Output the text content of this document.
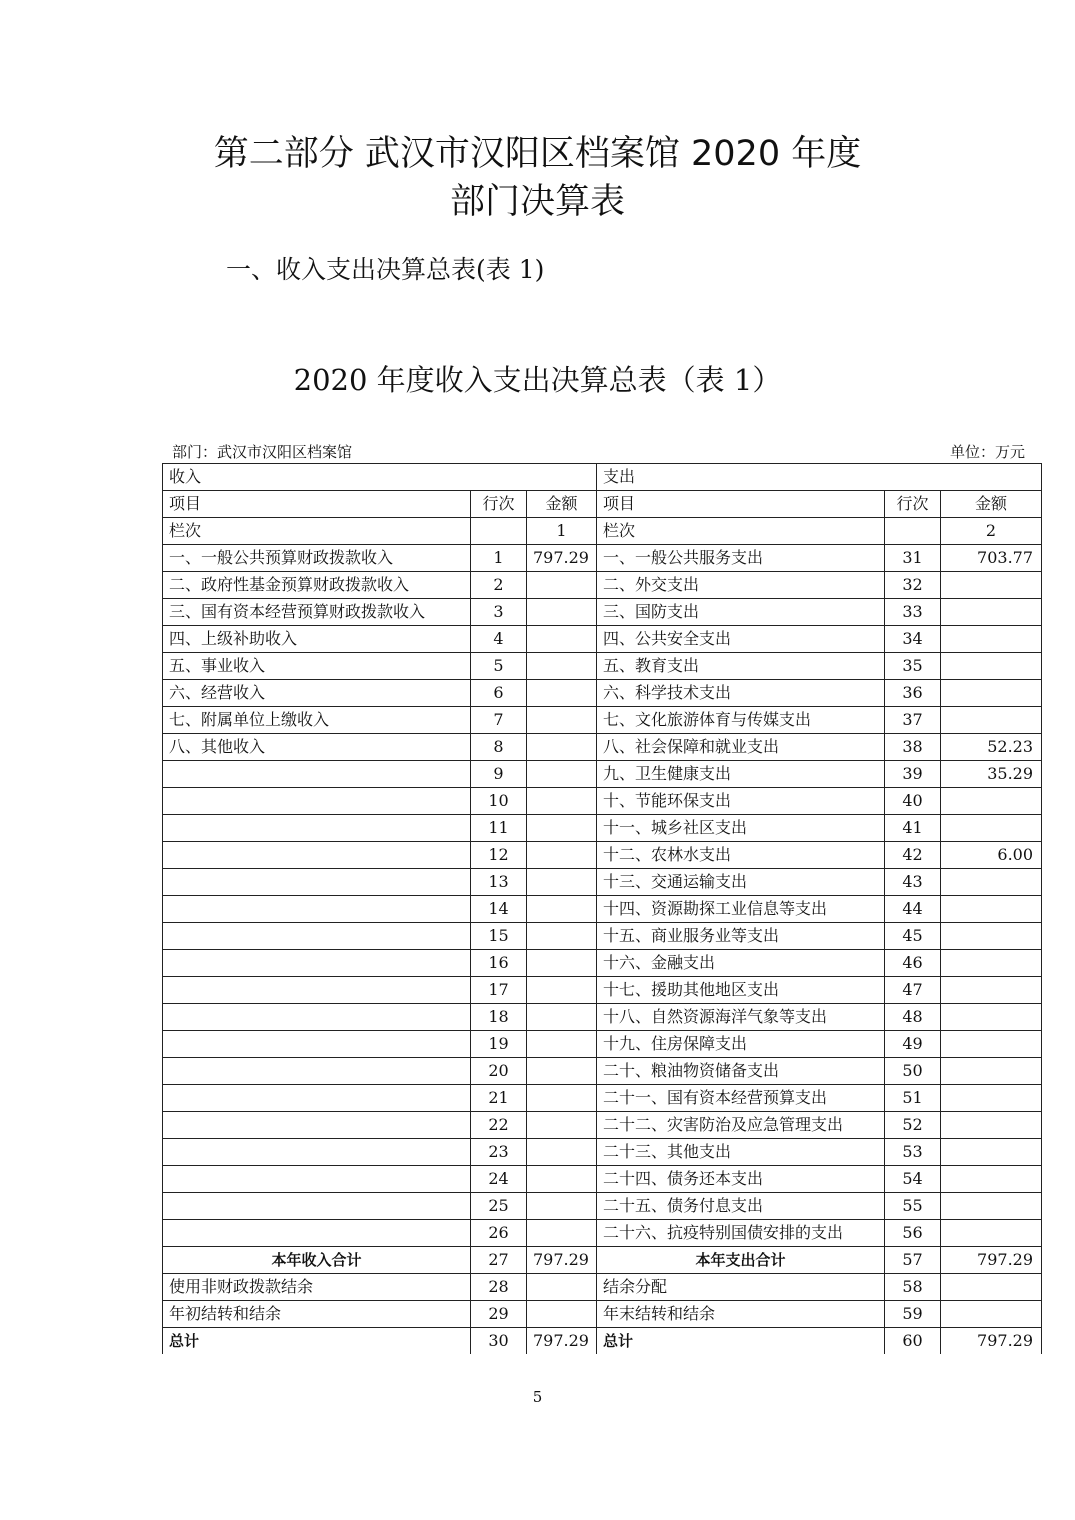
第二部分 武汉市汉阳区档案馆 2020 年度
部门决算表
一、收入支出决算总表(表 1)
2020 年度收入支出决算总表（表 1）
部门：武汉市汉阳区档案馆	单位：万元
收入			支出		
项目	行次	金额	项目	行次	金额
栏次		1	栏次		2
一、一般公共预算财政拨款收入	1	797.29	一、一般公共服务支出	31	703.77
二、政府性基金预算财政拨款收入	2		二、外交支出	32	
三、国有资本经营预算财政拨款收入	3		三、国防支出	33	
四、上级补助收入	4		四、公共安全支出	34	
五、事业收入	5		五、教育支出	35	
六、经营收入	6		六、科学技术支出	36	
七、附属单位上缴收入	7		七、文化旅游体育与传媒支出	37	
八、其他收入	8		八、社会保障和就业支出	38	52.23
	9		九、卫生健康支出	39	35.29
	10		十、节能环保支出	40	
	11		十一、城乡社区支出	41	
	12		十二、农林水支出	42	6.00
	13		十三、交通运输支出	43	
	14		十四、资源勘探工业信息等支出	44	
	15		十五、商业服务业等支出	45	
	16		十六、金融支出	46	
	17		十七、援助其他地区支出	47	
	18		十八、自然资源海洋气象等支出	48	
	19		十九、住房保障支出	49	
	20		二十、粮油物资储备支出	50	
	21		二十一、国有资本经营预算支出	51	
	22		二十二、灾害防治及应急管理支出	52	
	23		二十三、其他支出	53	
	24		二十四、债务还本支出	54	
	25		二十五、债务付息支出	55	
	26		二十六、抗疫特别国债安排的支出	56	
本年收入合计	27	797.29	本年支出合计	57	797.29
使用非财政拨款结余	28		结余分配	58	
年初结转和结余	29		年末结转和结余	59	
总计	30	797.29	总计	60	797.29
5
